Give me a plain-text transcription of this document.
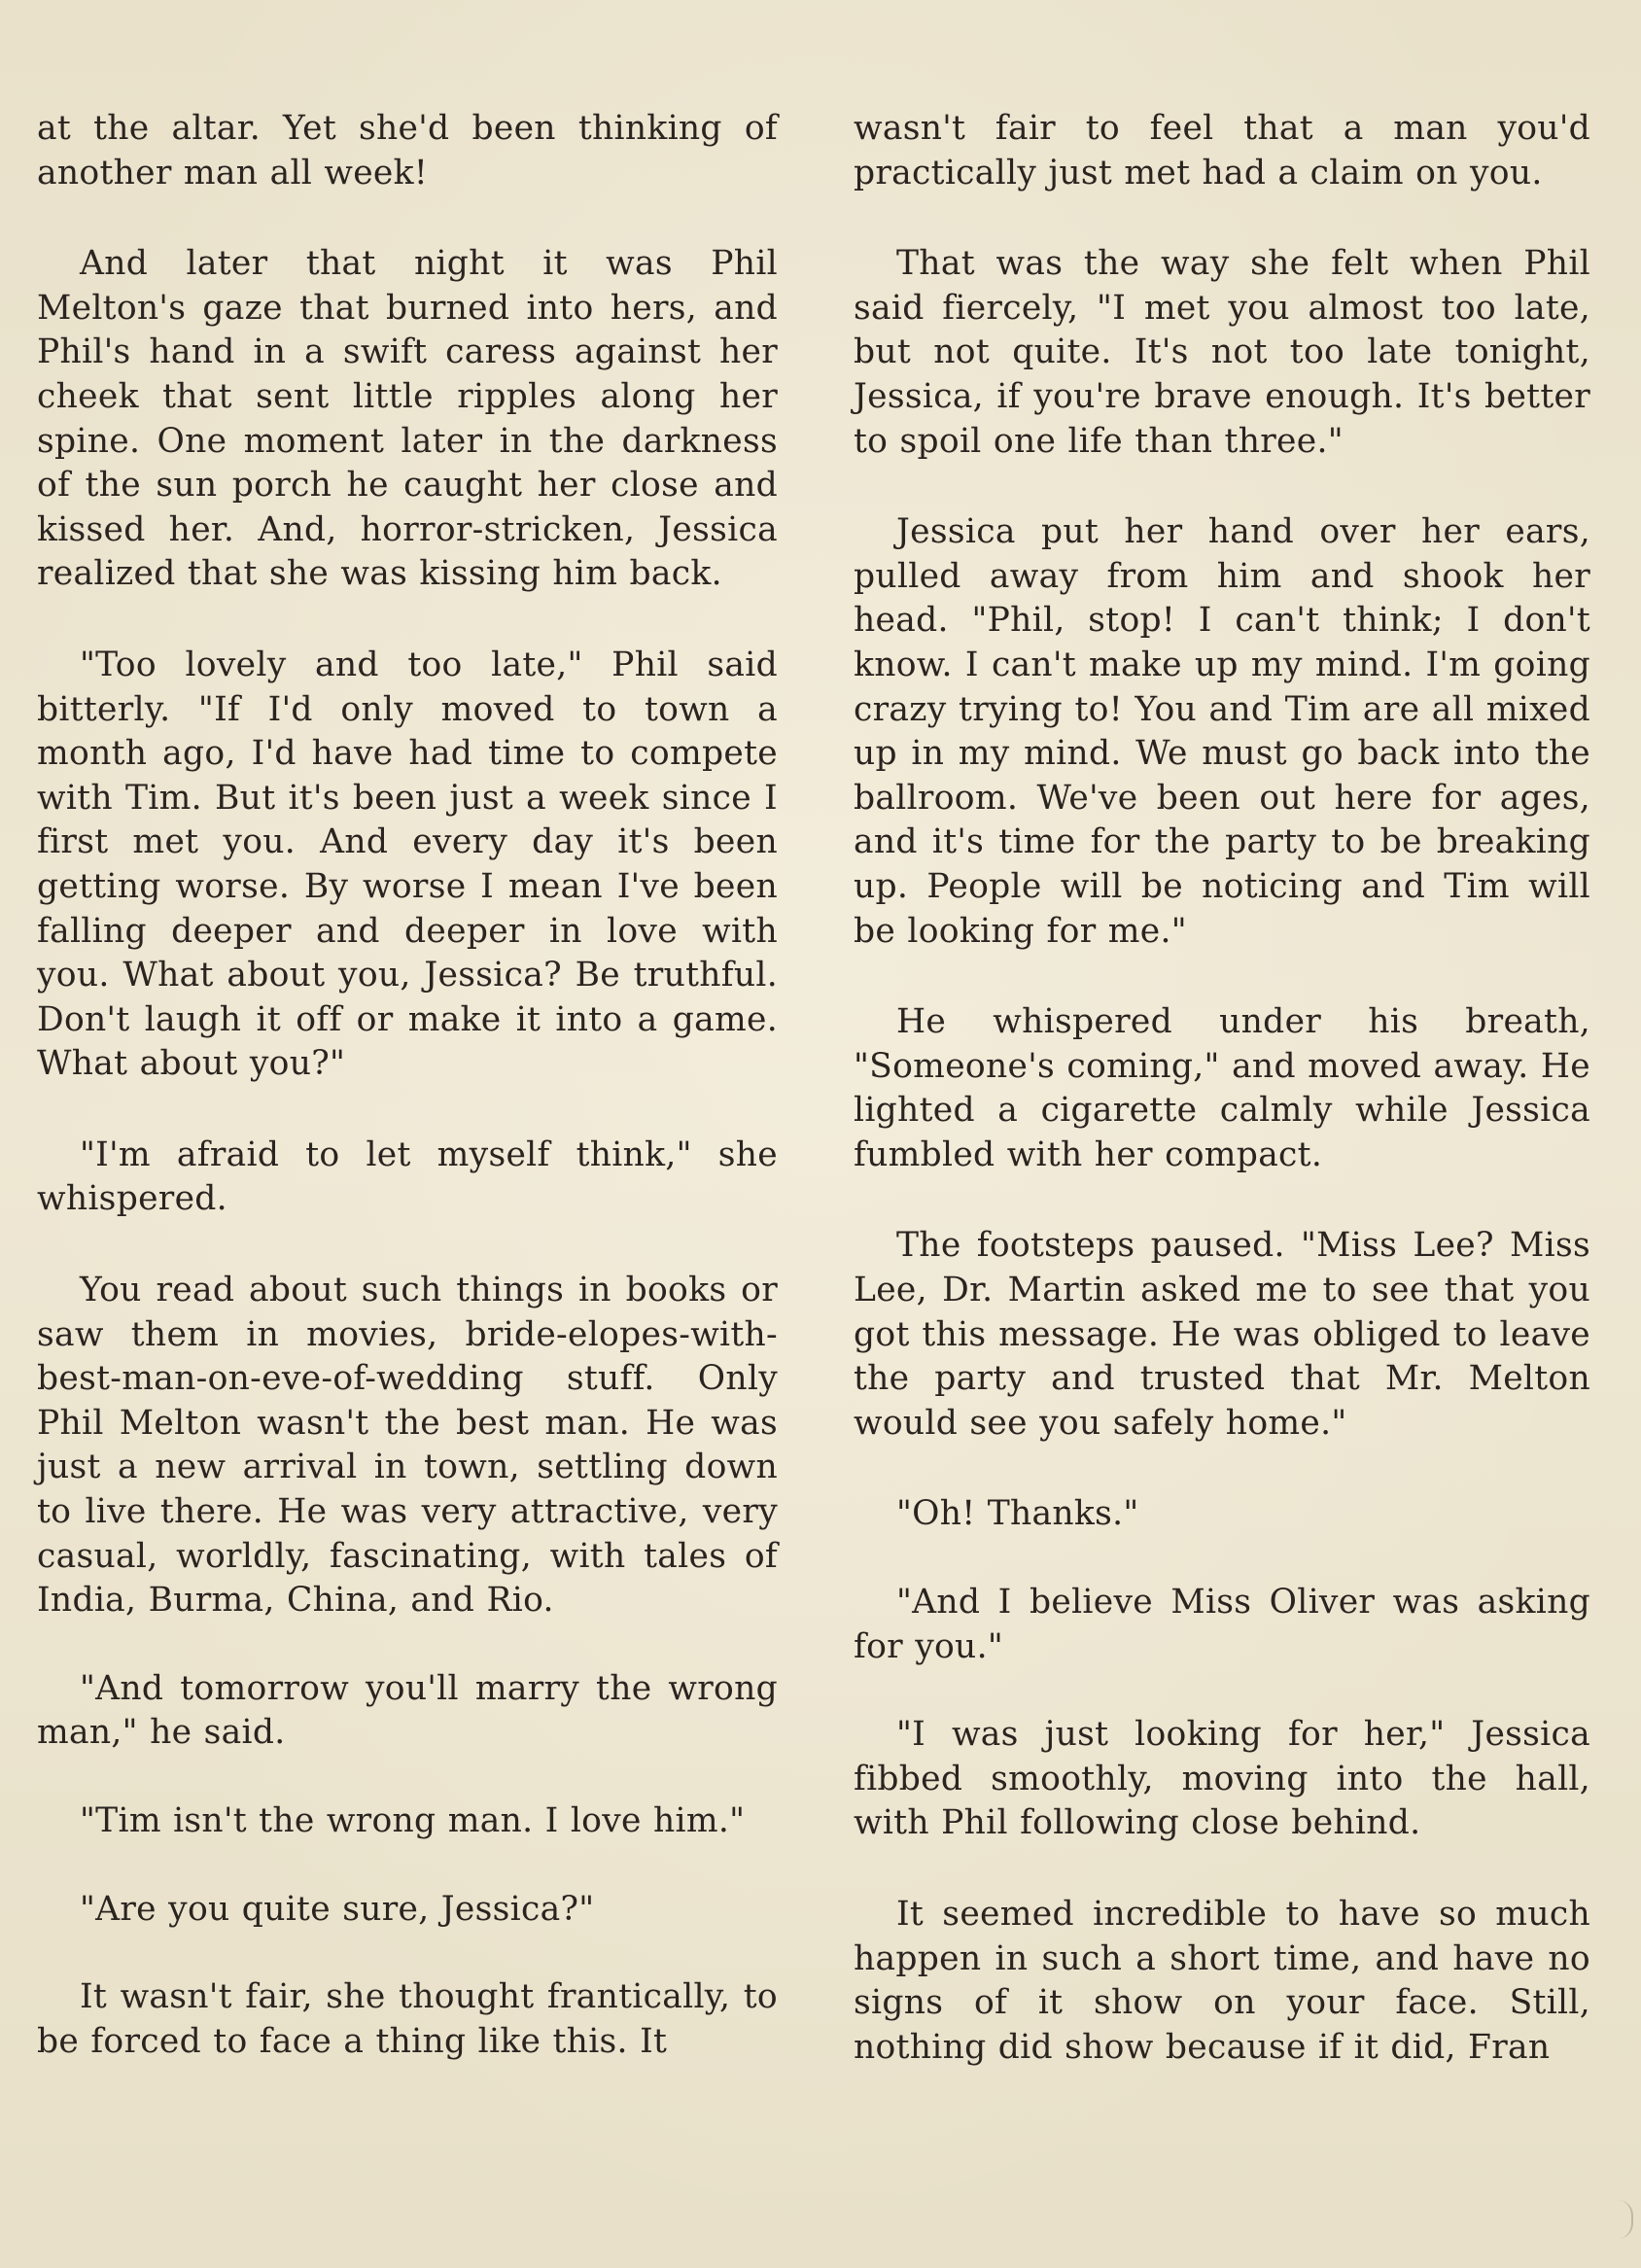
at the altar. Yet she'd been thinking of another man all week!

And later that night it was Phil Melton's gaze that burned into hers, and Phil's hand in a swift caress against her cheek that sent little ripples along her spine. One moment later in the darkness of the sun porch he caught her close and kissed her. And, horror-stricken, Jessica realized that she was kissing him back.

"Too lovely and too late," Phil said bitterly. "If I'd only moved to town a month ago, I'd have had time to compete with Tim. But it's been just a week since I first met you. And every day it's been getting worse. By worse I mean I've been falling deeper and deeper in love with you. What about you, Jessica? Be truthful. Don't laugh it off or make it into a game. What about you?"

"I'm afraid to let myself think," she whispered.

You read about such things in books or saw them in movies, bride-elopes-with-best-man-on-eve-of-wedding stuff. Only Phil Melton wasn't the best man. He was just a new arrival in town, settling down to live there. He was very attractive, very casual, worldly, fascinating, with tales of India, Burma, China, and Rio.

"And tomorrow you'll marry the wrong man," he said.

"Tim isn't the wrong man. I love him."

"Are you quite sure, Jessica?"

It wasn't fair, she thought frantically, to be forced to face a thing like this. It

wasn't fair to feel that a man you'd practically just met had a claim on you.

That was the way she felt when Phil said fiercely, "I met you almost too late, but not quite. It's not too late tonight, Jessica, if you're brave enough. It's better to spoil one life than three."

Jessica put her hand over her ears, pulled away from him and shook her head. "Phil, stop! I can't think; I don't know. I can't make up my mind. I'm going crazy trying to! You and Tim are all mixed up in my mind. We must go back into the ballroom. We've been out here for ages, and it's time for the party to be breaking up. People will be noticing and Tim will be looking for me."

He whispered under his breath, "Someone's coming," and moved away. He lighted a cigarette calmly while Jessica fumbled with her compact.

The footsteps paused. "Miss Lee? Miss Lee, Dr. Martin asked me to see that you got this message. He was obliged to leave the party and trusted that Mr. Melton would see you safely home."

"Oh! Thanks."

"And I believe Miss Oliver was asking for you."

"I was just looking for her," Jessica fibbed smoothly, moving into the hall, with Phil following close behind.

It seemed incredible to have so much happen in such a short time, and have no signs of it show on your face. Still, nothing did show because if it did, Fran
